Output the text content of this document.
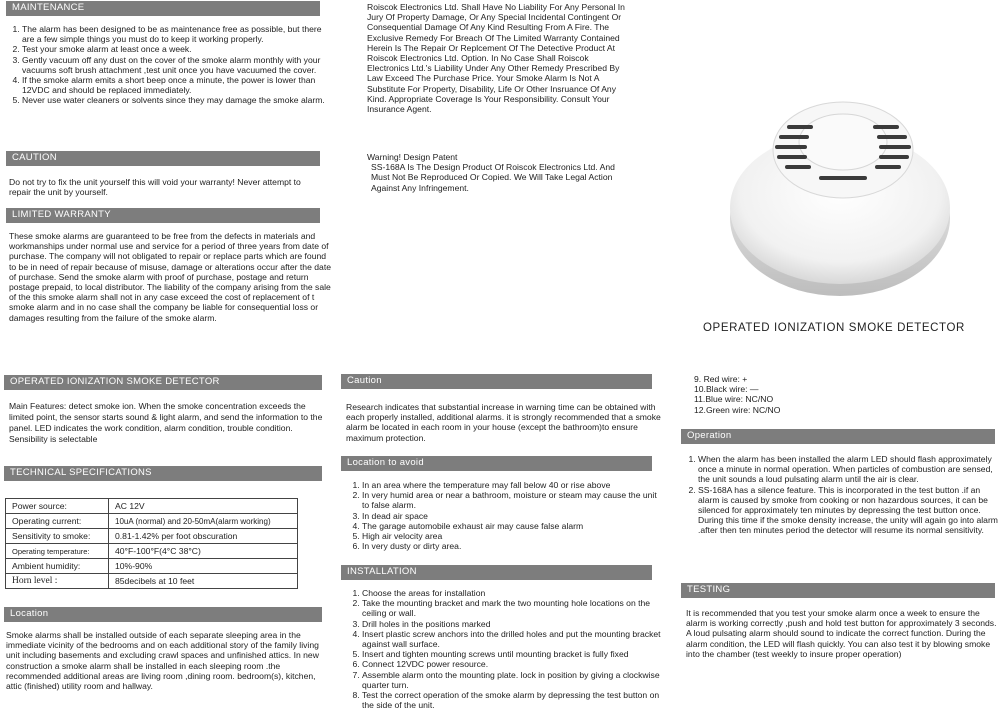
MAINTENANCE
1. The alarm has been designed to be as maintenance free as possible, but there are a few simple things you must do to keep it working properly.
2. Test your smoke alarm at least once a week.
3. Gently vacuum off any dust on the cover of the smoke alarm monthly with your vacuums soft brush attachment ,test unit once you have vacuumed the cover.
4. If the smoke alarm emits a short beep once a minute, the power is lower than 12VDC and should be replaced immediately.
5. Never use water cleaners or solvents since they may damage the smoke alarm.
CAUTION
Do not try to fix the unit yourself this will void your warranty! Never attempt to repair the unit by yourself.
LIMITED WARRANTY
These smoke alarms are guaranteed to be free from the defects in materials and workmanships under normal use and service for a period of three years from date of purchase. The company will not obligated to repair or replace parts which are found to be in need of repair because of misuse, damage or alterations occur after the date of purchase. Send the smoke alarm with proof of purchase, postage and return postage prepaid, to local distributor. The liability of the company arising from the sale of the this smoke alarm shall not in any case exceed the cost of replacement of t smoke alarm and in no case shall the company be liable for consequential loss or damages resulting from the failure of the smoke alarm.
Roiscok Electronics Ltd. Shall Have No Liability For Any Personal In Jury Of Property Damage, Or Any Special Incidental Contingent Or Consequential Damage Of Any Kind Resulting From A Fire. The Exclusive Remedy For Breach Of The Limited Warranty Contained Herein Is The Repair Or Replcement Of The Detective Product At Roiscok Electronics Ltd. Option. In No Case Shall Roiscok Electronics Ltd.'s Liability Under Any Other Remedy Prescribed By Law Exceed The Purchase Price. Your Smoke Alarm Is Not A Substitute For Property, Disability, Life Or Other Insruance Of Any Kind. Appropriate Coverage Is Your Responsibility. Consult Your Insurance Agent.

Warning! Design Patent

SS-168A Is The Design Product Of Roiscok Electronics Ltd. And Must Not Be Reproduced Or Copied. We Will Take Legal Action Against Any Infringement.

OPERATED IONIZATION SMOKE DETECTOR
OPERATED IONIZATION SMOKE DETECTOR
Main Features: detect smoke ion. When the smoke concentration exceeds the limited point, the sensor starts sound & light alarm, and send the information to the panel. LED indicates the work condition, alarm condition, trouble condition. Sensibility is selectable
TECHNICAL SPECIFICATIONS
Power source:	AC 12V
Operating current:	10uA (normal) and 20-50mA(alarm working)
Sensitivity to smoke:	0.81-1.42% per foot obscuration
Operating temperature:	40°F-100°F(4°C 38°C)
Ambient humidity:	10%-90%
Horn level :	85decibels at 10 feet
Location
Smoke alarms shall be installed outside of each separate sleeping area in the immediate vicinity of the bedrooms and on each additional story of the family living unit including basements and excluding crawl spaces and unfinished attics. In new construction a smoke alarm shall be installed in each sleeping room .the recommended additional areas are living room ,dining room. bedroom(s), kitchen, attic (finished) utility room and hallway.
Caution
Research indicates that substantial increase in warning time can be obtained with each properly installed, additional alarms. it is strongly recommended that a smoke alarm be located in each room in your house (except the bathroom)to ensure maximum protection.
Location to avoid
1. In an area where the temperature may fall below 40 or rise above
2. In very humid area or near a bathroom, moisture or steam may cause the unit to false alarm.
3. In dead air space
4. The garage automobile exhaust air may cause false alarm
5. High air velocity area
6. In very dusty or dirty area.
INSTALLATION
1. Choose the areas for installation
2. Take the mounting bracket and mark the two mounting hole locations on the ceiling or wall.
3. Drill holes in the positions marked
4. Insert plastic screw anchors into the drilled holes and put the mounting bracket against wall surface.
5. Insert and tighten mounting screws until mounting bracket is fully fixed
6. Connect 12VDC power resource.
7. Assemble alarm onto the mounting plate. lock in position by giving a clockwise quarter turn.
8. Test the correct operation of the smoke alarm by depressing the test button on the side of the unit.
9. Red wire: +
10.Black wire: —
11.Blue wire: NC/NO
12.Green wire: NC/NO
Operation
1. When the alarm has been installed the alarm LED should flash approximately once a minute in normal operation. When particles of combustion are sensed, the unit sounds a loud pulsating alarm until the air is clear.
2. SS-168A has a silence feature. This is incorporated in the test button .if an alarm is caused by smoke from cooking or non hazardous sources, it can be silenced for approximately ten minutes by depressing the test button once. During this time if the smoke density increase, the unity will again go into alarm .after then ten minutes period the detector will resume its normal sensitivity.
TESTING
It is recommended that you test your smoke alarm once a week to ensure the alarm is working correctly ,push and hold test button for approximately 3 seconds. A loud pulsating alarm should sound to indicate the correct function. During the alarm condition, the LED will flash quickly. You can also test it by blowing smoke into the chamber (test weekly to insure proper operation)
